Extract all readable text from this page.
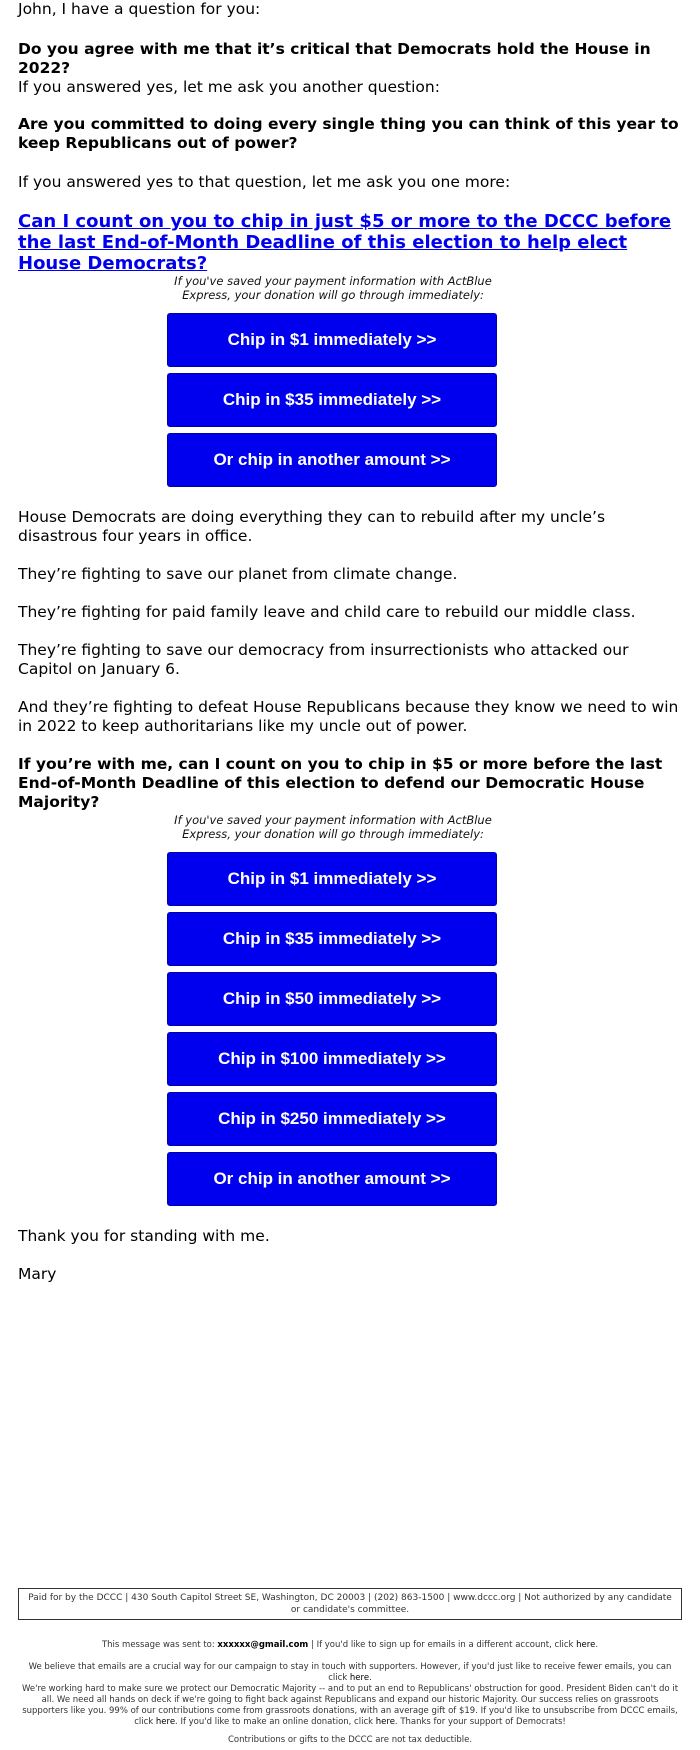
John, I have a question for you:

Do you agree with me that it’s critical that Democrats hold the House in 2022?

If you answered yes, let me ask you another question:

Are you committed to doing every single thing you can think of this year to keep Republicans out of power?

If you answered yes to that question, let me ask you one more:

Can I count on you to chip in just $5 or more to the DCCC before the last End-of-Month Deadline of this election to help elect House Democrats?

If you've saved your payment information with ActBlue Express, your donation will go through immediately:
Chip in $1 immediately >>
Chip in $35 immediately >>
Or chip in another amount >>

House Democrats are doing everything they can to rebuild after my uncle’s disastrous four years in office.

They’re fighting to save our planet from climate change.

They’re fighting for paid family leave and child care to rebuild our middle class.

They’re fighting to save our democracy from insurrectionists who attacked our Capitol on January 6.

And they’re fighting to defeat House Republicans because they know we need to win in 2022 to keep authoritarians like my uncle out of power.

If you’re with me, can I count on you to chip in $5 or more before the last End-of-Month Deadline of this election to defend our Democratic House Majority?

If you've saved your payment information with ActBlue Express, your donation will go through immediately:
Chip in $1 immediately >>
Chip in $35 immediately >>
Chip in $50 immediately >>
Chip in $100 immediately >>
Chip in $250 immediately >>
Or chip in another amount >>

Thank you for standing with me.

Mary

Paid for by the DCCC | 430 South Capitol Street SE, Washington, DC 20003 | (202) 863-1500 | www.dccc.org | Not authorized by any candidate or candidate's committee.
This message was sent to: xxxxxx@gmail.com | If you'd like to sign up for emails in a different account, click here.
We believe that emails are a crucial way for our campaign to stay in touch with supporters. However, if you'd just like to receive fewer emails, you can click here.
We're working hard to make sure we protect our Democratic Majority -- and to put an end to Republicans' obstruction for good. President Biden can't do it all. We need all hands on deck if we're going to fight back against Republicans and expand our historic Majority. Our success relies on grassroots supporters like you. 99% of our contributions come from grassroots donations, with an average gift of $19. If you'd like to unsubscribe from DCCC emails, click here. If you'd like to make an online donation, click here. Thanks for your support of Democrats!
Contributions or gifts to the DCCC are not tax deductible.
